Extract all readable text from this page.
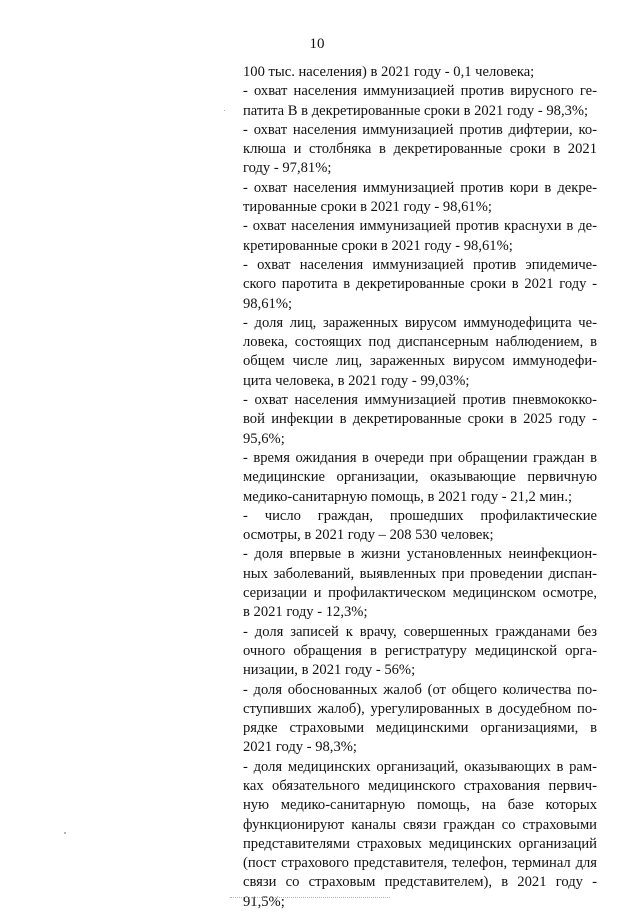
10
100 тыс. населения) в 2021 году - 0,1 человека;
- охват населения иммунизацией против вирусного ге-
патита В в декретированные сроки в 2021 году - 98,3%;
- охват населения иммунизацией против дифтерии, ко-
клюша и столбняка в декретированные сроки в 2021
году - 97,81%;
- охват населения иммунизацией против кори в декре-
тированные сроки в 2021 году - 98,61%;
- охват населения иммунизацией против краснухи в де-
кретированные сроки в 2021 году - 98,61%;
- охват населения иммунизацией против эпидемиче-
ского паротита в декретированные сроки в 2021 году -
98,61%;
- доля лиц, зараженных вирусом иммунодефицита че-
ловека, состоящих под диспансерным наблюдением, в
общем числе лиц, зараженных вирусом иммунодефи-
цита человека, в 2021 году - 99,03%;
- охват населения иммунизацией против пневмококко-
вой инфекции в декретированные сроки в 2025 году -
95,6%;
- время ожидания в очереди при обращении граждан в
медицинские организации, оказывающие первичную
медико-санитарную помощь, в 2021 году - 21,2 мин.;
- число граждан, прошедших профилактические
осмотры, в 2021 году – 208 530 человек;
- доля впервые в жизни установленных неинфекцион-
ных заболеваний, выявленных при проведении диспан-
серизации и профилактическом медицинском осмотре,
в 2021 году - 12,3%;
- доля записей к врачу, совершенных гражданами без
очного обращения в регистратуру медицинской орга-
низации, в 2021 году - 56%;
- доля обоснованных жалоб (от общего количества по-
ступивших жалоб), урегулированных в досудебном по-
рядке страховыми медицинскими организациями, в
2021 году - 98,3%;
- доля медицинских организаций, оказывающих в рам-
ках обязательного медицинского страхования первич-
ную медико-санитарную помощь, на базе которых
функционируют каналы связи граждан со страховыми
представителями страховых медицинских организаций
(пост страхового представителя, телефон, терминал для
связи со страховым представителем), в 2021 году -
91,5%;
